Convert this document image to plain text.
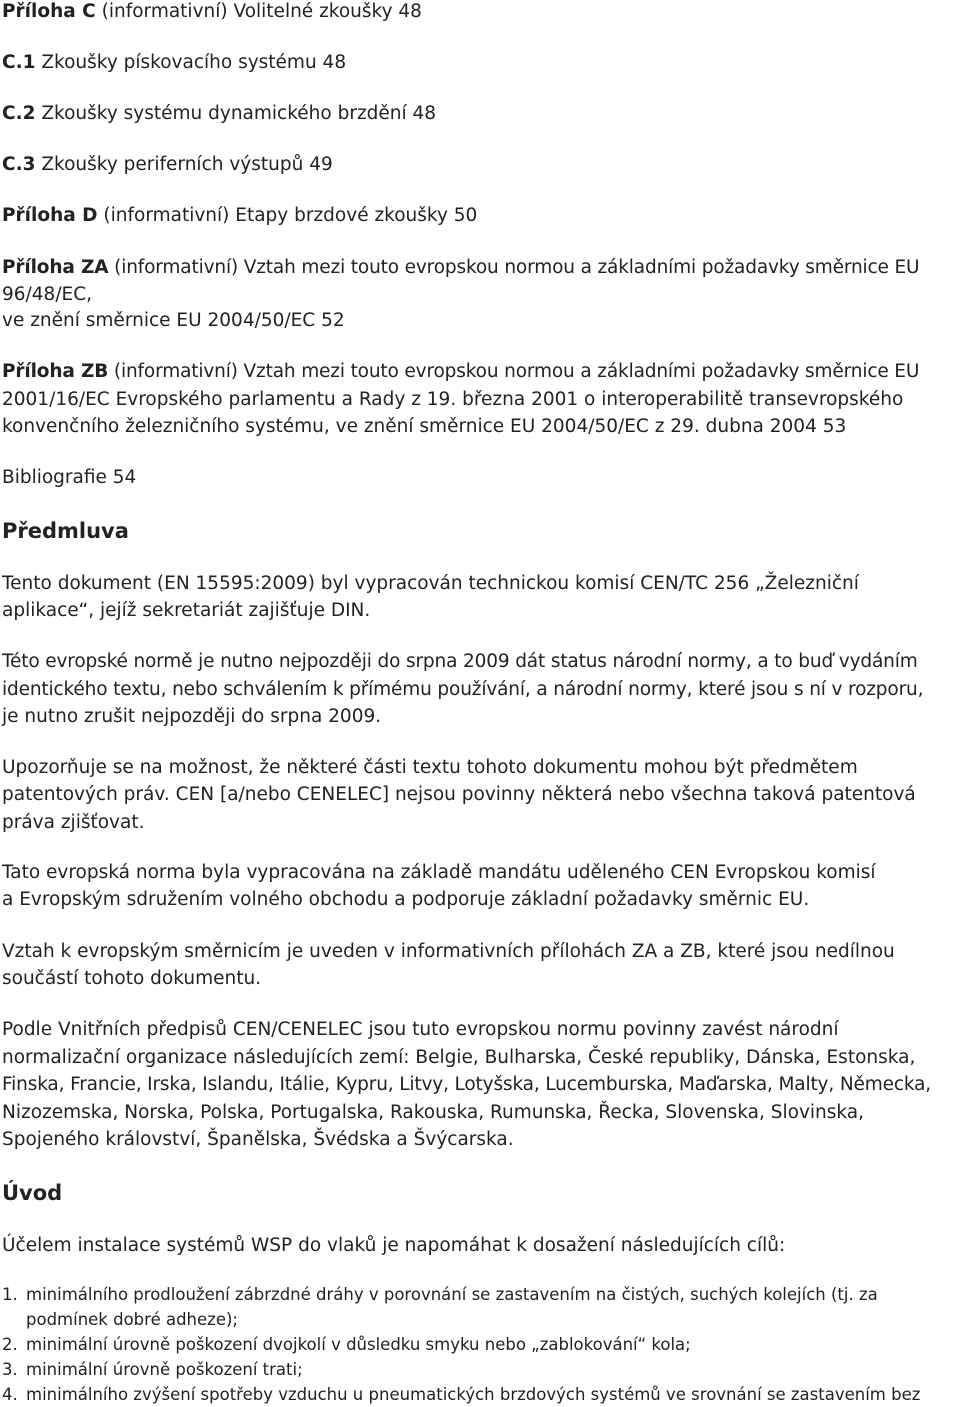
Příloha C (informativní) Volitelné zkoušky 48

C.1 Zkoušky pískovacího systému 48

C.2 Zkoušky systému dynamického brzdění 48

C.3 Zkoušky periferních výstupů 49

Příloha D (informativní) Etapy brzdové zkoušky 50

Příloha ZA (informativní) Vztah mezi touto evropskou normou a základními požadavky směrnice EU

96/48/EC,

ve znění směrnice EU 2004/50/EC 52

Příloha ZB (informativní) Vztah mezi touto evropskou normou a základními požadavky směrnice EU

2001/16/EC Evropského parlamentu a Rady z 19. března 2001 o interoperabilitě transevropského

konvenčního železničního systému, ve znění směrnice EU 2004/50/EC z 29. dubna 2004 53

Bibliografie 54

Předmluva

Tento dokument (EN 15595:2009) byl vypracován technickou komisí CEN/TC 256 „Železniční

aplikace“, jejíž sekretariát zajišťuje DIN.

Této evropské normě je nutno nejpozději do srpna 2009 dát status národní normy, a to buď vydáním

identického textu, nebo schválením k přímému používání, a národní normy, které jsou s ní v rozporu,

je nutno zrušit nejpozději do srpna 2009.

Upozorňuje se na možnost, že některé části textu tohoto dokumentu mohou být předmětem

patentových práv. CEN [a/nebo CENELEC] nejsou povinny některá nebo všechna taková patentová

práva zjišťovat.

Tato evropská norma byla vypracována na základě mandátu uděleného CEN Evropskou komisí

a Evropským sdružením volného obchodu a podporuje základní požadavky směrnic EU.

Vztah k evropským směrnicím je uveden v informativních přílohách ZA a ZB, které jsou nedílnou

součástí tohoto dokumentu.

Podle Vnitřních předpisů CEN/CENELEC jsou tuto evropskou normu povinny zavést národní

normalizační organizace následujících zemí: Belgie, Bulharska, České republiky, Dánska, Estonska,

Finska, Francie, Irska, Islandu, Itálie, Kypru, Litvy, Lotyšska, Lucemburska, Maďarska, Malty, Německa,

Nizozemska, Norska, Polska, Portugalska, Rakouska, Rumunska, Řecka, Slovenska, Slovinska,

Spojeného království, Španělska, Švédska a Švýcarska.

Úvod

Účelem instalace systémů WSP do vlaků je napomáhat k dosažení následujících cílů:

1. minimálního prodloužení zábrzdné dráhy v porovnání se zastavením na čistých, suchých kolejích (tj. za
podmínek dobré adheze);
2. minimální úrovně poškození dvojkolí v důsledku smyku nebo „zablokování“ kola;
3. minimální úrovně poškození trati;
4. minimálního zvýšení spotřeby vzduchu u pneumatických brzdových systémů ve srovnání se zastavením bez
